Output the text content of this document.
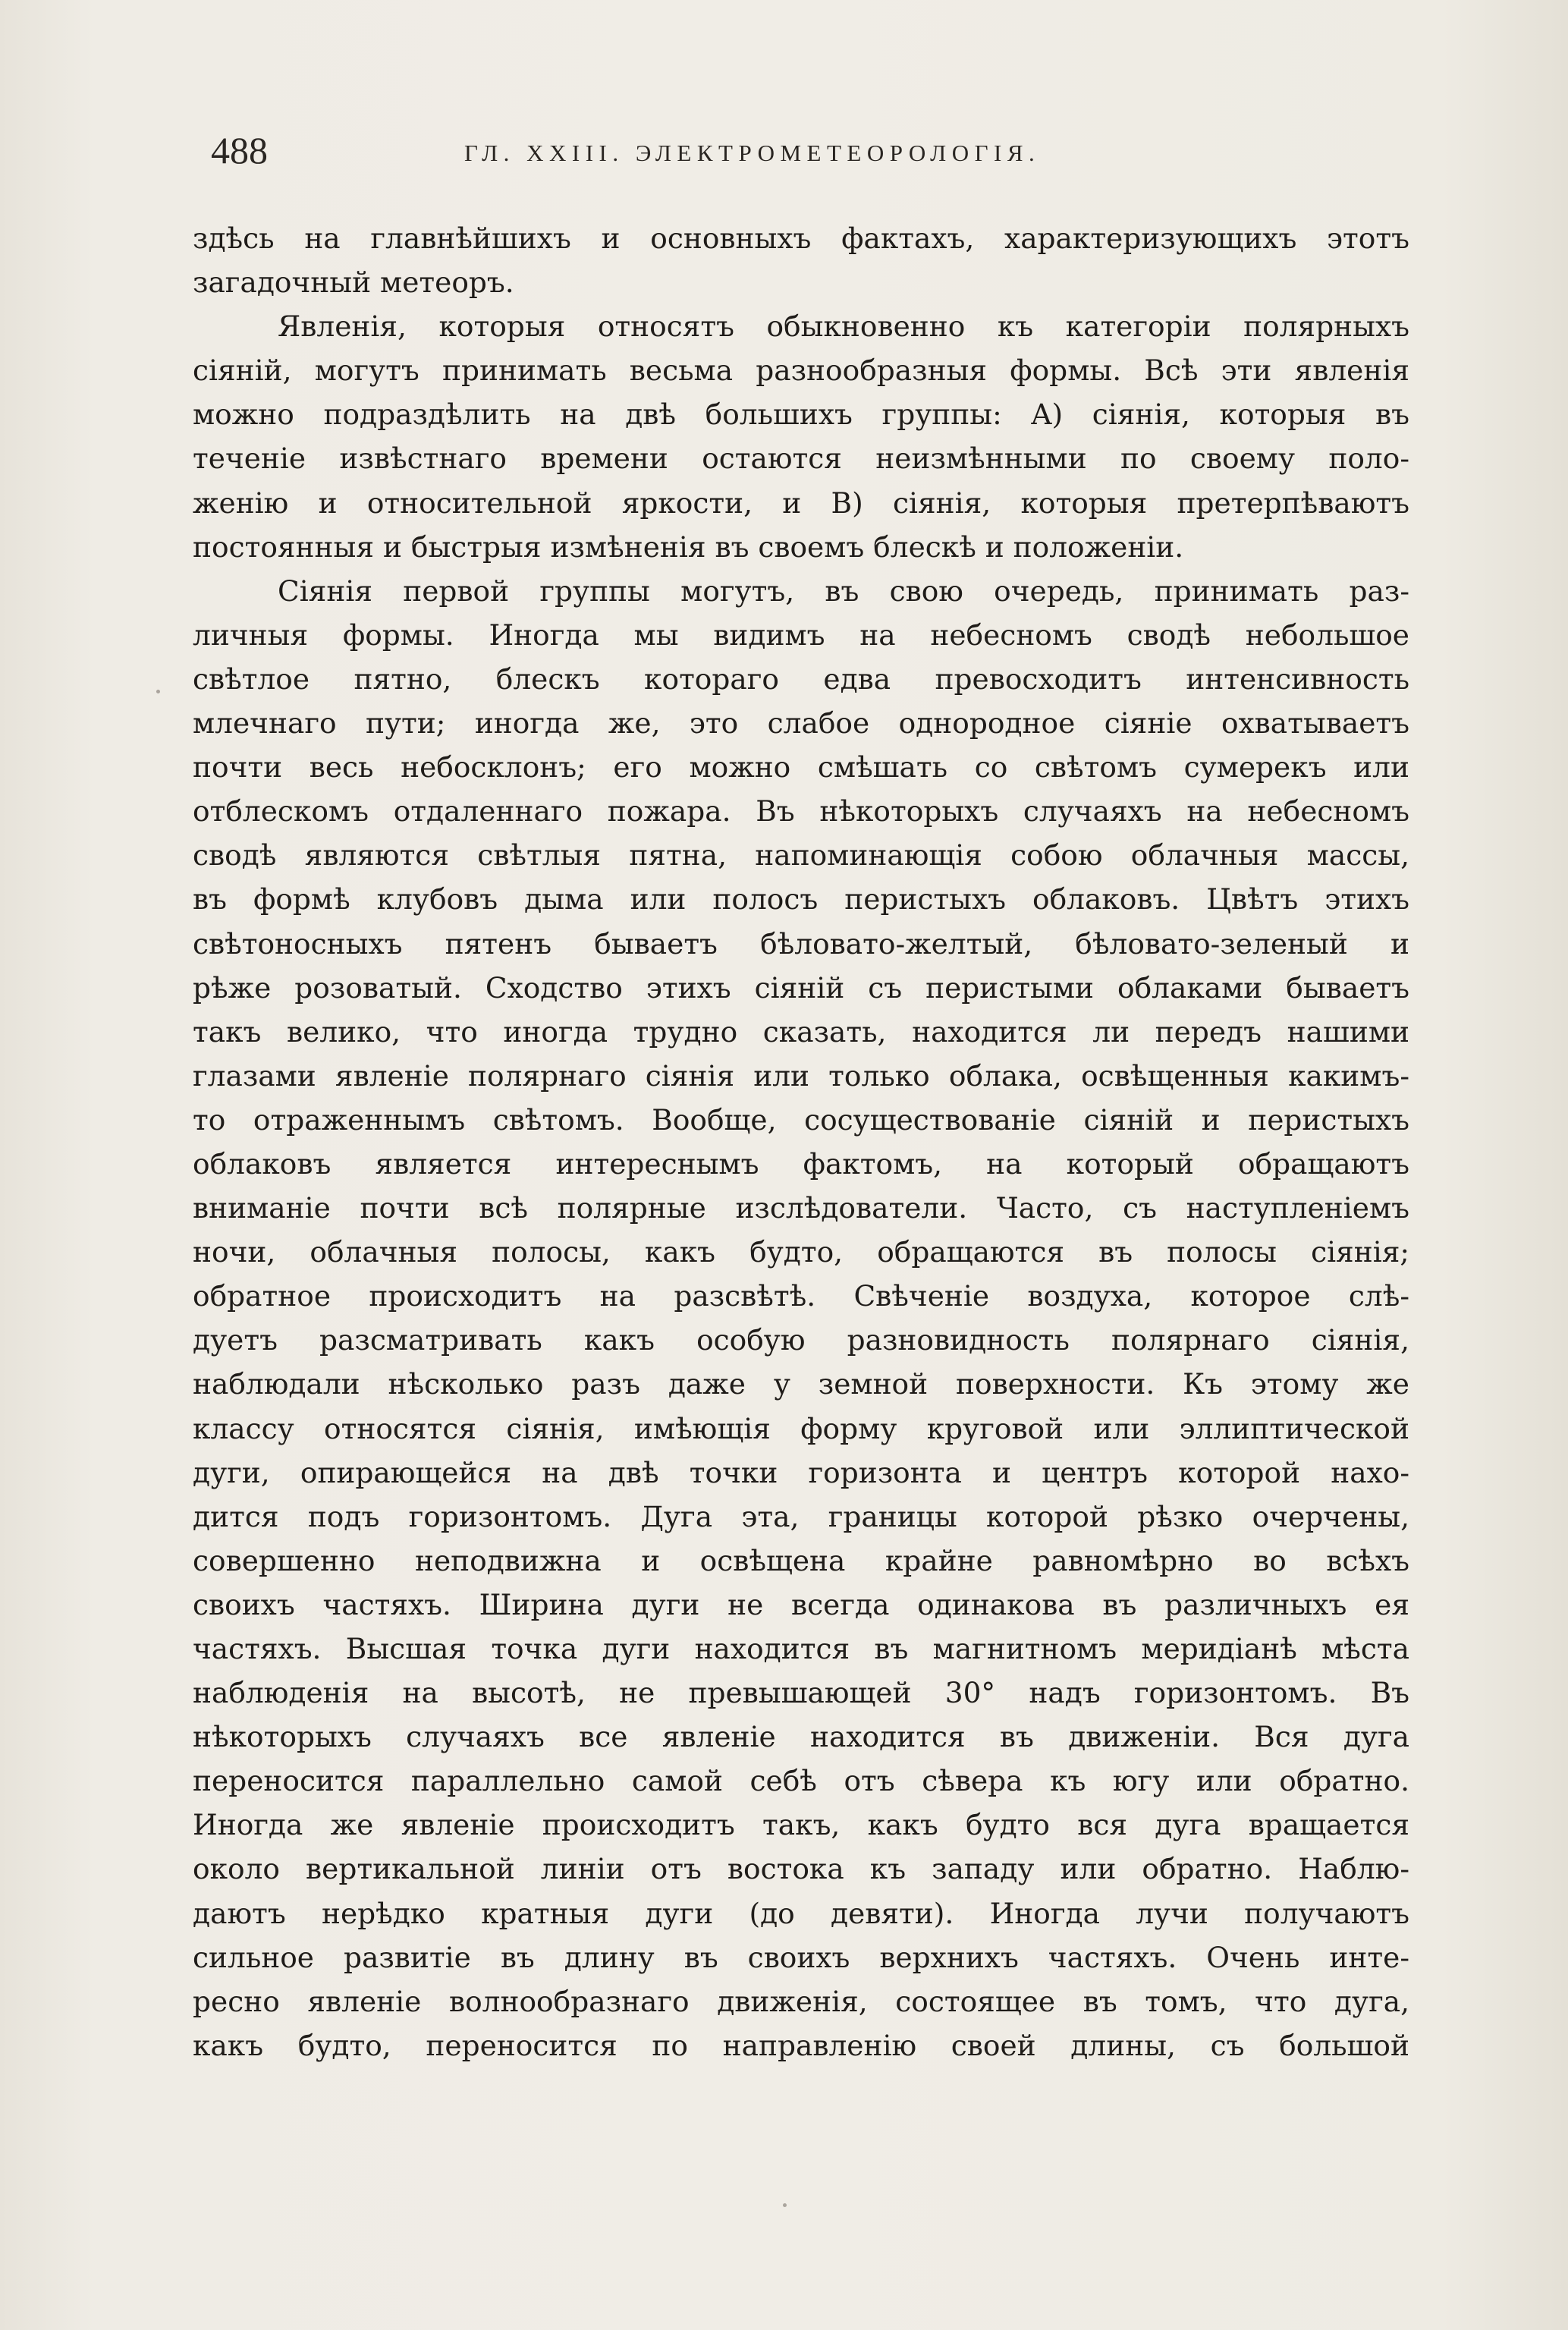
488	ГЛ. XXIII. ЭЛЕКТРОМЕТЕОРОЛОГІЯ.
здѣсь на главнѣйшихъ и основныхъ фактахъ, характеризующихъ этотъ
загадочный метеоръ.
Явленія, которыя относятъ обыкновенно къ категоріи полярныхъ
сіяній, могутъ принимать весьма разнообразныя формы. Всѣ эти явленія
можно подраздѣлить на двѣ большихъ группы: A) сіянія, которыя въ
теченіе извѣстнаго времени остаются неизмѣнными по своему поло-
женію и относительной яркости, и B) сіянія, которыя претерпѣваютъ
постоянныя и быстрыя измѣненія въ своемъ блескѣ и положеніи.
Сіянія первой группы могутъ, въ свою очередь, принимать раз-
личныя формы. Иногда мы видимъ на небесномъ сводѣ небольшое
свѣтлое пятно, блескъ котораго едва превосходитъ интенсивность
млечнаго пути; иногда же, это слабое однородное сіяніе охватываетъ
почти весь небосклонъ; его можно смѣшать со свѣтомъ сумерекъ или
отблескомъ отдаленнаго пожара. Въ нѣкоторыхъ случаяхъ на небесномъ
сводѣ являются свѣтлыя пятна, напоминающія собою облачныя массы,
въ формѣ клубовъ дыма или полосъ перистыхъ облаковъ. Цвѣтъ этихъ
свѣтоносныхъ пятенъ бываетъ бѣловато-желтый, бѣловато-зеленый и
рѣже розоватый. Сходство этихъ сіяній съ перистыми облаками бываетъ
такъ велико, что иногда трудно сказать, находится ли передъ нашими
глазами явленіе полярнаго сіянія или только облака, освѣщенныя какимъ-
то отраженнымъ свѣтомъ. Вообще, сосуществованіе сіяній и перистыхъ
облаковъ является интереснымъ фактомъ, на который обращаютъ
вниманіе почти всѣ полярные изслѣдователи. Часто, съ наступленіемъ
ночи, облачныя полосы, какъ будто, обращаются въ полосы сіянія;
обратное происходитъ на разсвѣтѣ. Свѣченіе воздуха, которое слѣ-
дуетъ разсматривать какъ особую разновидность полярнаго сіянія,
наблюдали нѣсколько разъ даже у земной поверхности. Къ этому же
классу относятся сіянія, имѣющія форму круговой или эллиптической
дуги, опирающейся на двѣ точки горизонта и центръ которой нахо-
дится подъ горизонтомъ. Дуга эта, границы которой рѣзко очерчены,
совершенно неподвижна и освѣщена крайне равномѣрно во всѣхъ
своихъ частяхъ. Ширина дуги не всегда одинакова въ различныхъ ея
частяхъ. Высшая точка дуги находится въ магнитномъ меридіанѣ мѣста
наблюденія на высотѣ, не превышающей 30° надъ горизонтомъ. Въ
нѣкоторыхъ случаяхъ все явленіе находится въ движеніи. Вся дуга
переносится параллельно самой себѣ отъ сѣвера къ югу или обратно.
Иногда же явленіе происходитъ такъ, какъ будто вся дуга вращается
около вертикальной линіи отъ востока къ западу или обратно. Наблю-
даютъ нерѣдко кратныя дуги (до девяти). Иногда лучи получаютъ
сильное развитіе въ длину въ своихъ верхнихъ частяхъ. Очень инте-
ресно явленіе волнообразнаго движенія, состоящее въ томъ, что дуга,
какъ будто, переносится по направленію своей длины, съ большой
